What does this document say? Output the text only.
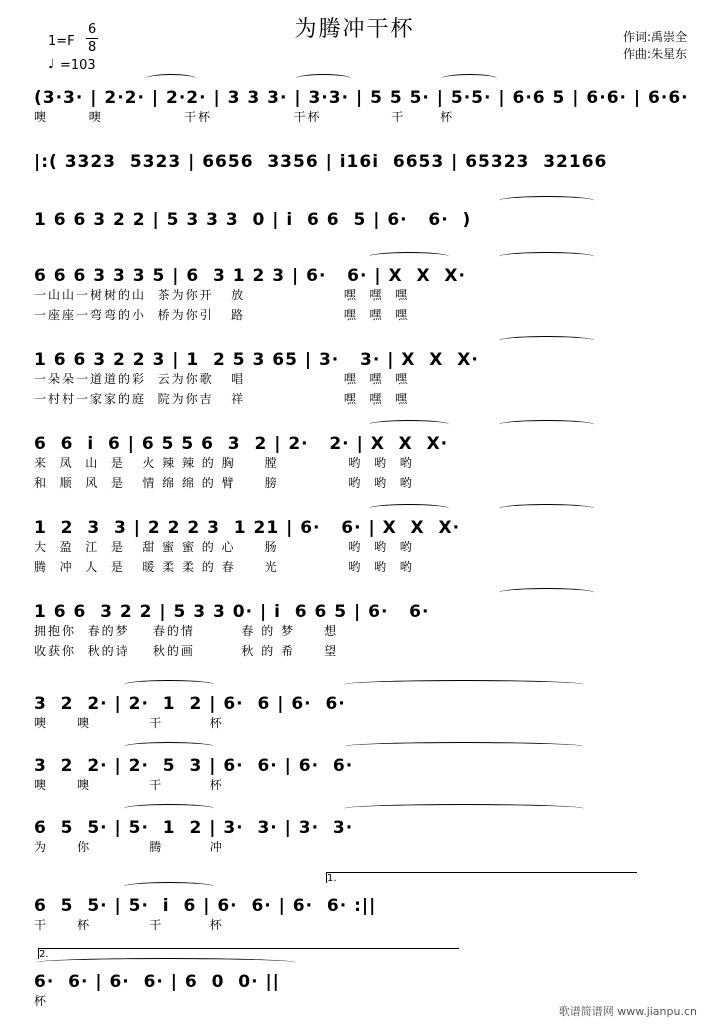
为腾冲干杯	作词:禹崇全
作曲:朱星东
1=F
6
8
♩ =103
(3·3· | 2·2· | 2·2· | 3 3 3· | 3·3· | 5 5 5· | 5·5· | 6·6 5 | 6·6· | 6·6·
噢       噢              干杯              干杯            干      杯
|:( 3323  5323 | 6656  3356 | i16i  6653 | 65323  32166
1 6 6 3 2 2 | 5 3 3 3  0 | i  6 6  5 | 6·   6·  )
6 6 6 3 3 3 5 | 6  3 1 2 3 | 6·   6· | X  X  X·
一山山一树树的山  茶为你开   放                 嘿  嘿  嘿
一座座一弯弯的小  桥为你引   路                 嘿  嘿  嘿
1 6 6 3 2 2 3 | 1  2 5 3 65 | 3·   3· | X  X  X·
一朵朵一道道的彩  云为你歌   唱                 嘿  嘿  嘿
一村村一家家的庭  院为你吉   祥                 嘿  嘿  嘿
6  6  i  6 | 6 5 5 6  3  2 | 2·   2· | X  X  X·
来  凤  山  是   火 辣 辣 的 胸     膛            哟  哟  哟
和  顺  风  是   情 绵 绵 的 臂     膀            哟  哟  哟
1  2  3  3 | 2 2 2 3  1 21 | 6·   6· | X  X  X·
大  盈  江  是   甜 蜜 蜜 的 心     肠            哟  哟  哟
腾  冲  人  是   暖 柔 柔 的 春     光            哟  哟  哟
1 6 6  3 2 2 | 5 3 3 0· | i  6 6 5 | 6·   6·
拥抱你  春的梦    春的情        春 的 梦     想
收获你  秋的诗    秋的画        秋 的 希     望
3  2  2· | 2·  1  2 | 6·  6 | 6·  6·
噢     噢          干        杯
3  2  2· | 2·  5  3 | 6·  6· | 6·  6·
噢     噢          干        杯
6  5  5· | 5·  1  2 | 3·  3· | 3·  3·
为     你          腾        冲
1.
6  5  5· | 5·  i  6 | 6·  6· | 6·  6· :||
干     杯          干        杯
2.
6·  6· | 6·  6· | 6  0  0· ||
杯
歌谱简谱网 www.jianpu.cn
